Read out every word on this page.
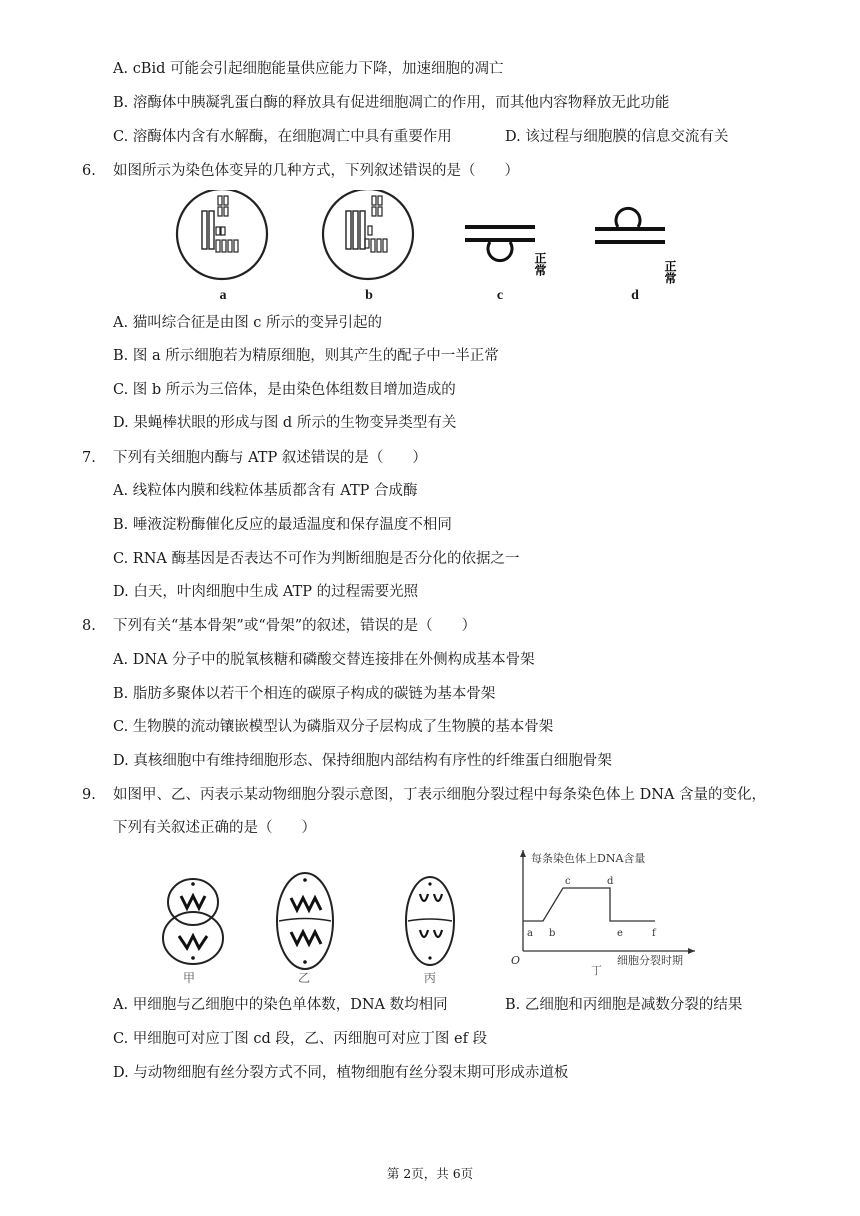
A. cBid 可能会引起细胞能量供应能力下降，加速细胞的凋亡
B. 溶酶体中胰凝乳蛋白酶的释放具有促进细胞凋亡的作用，而其他内容物释放无此功能
C. 溶酶体内含有水解酶，在细胞凋亡中具有重要作用	D. 该过程与细胞膜的信息交流有关
6. 如图所示为染色体变异的几种方式，下列叙述错误的是（　　）
正常	正常
a	b	c	d
A. 猫叫综合征是由图 c 所示的变异引起的
B. 图 a 所示细胞若为精原细胞，则其产生的配子中一半正常
C. 图 b 所示为三倍体，是由染色体组数目增加造成的
D. 果蝇棒状眼的形成与图 d 所示的生物变异类型有关
7. 下列有关细胞内酶与 ATP 叙述错误的是（　　）
A. 线粒体内膜和线粒体基质都含有 ATP 合成酶
B. 唾液淀粉酶催化反应的最适温度和保存温度不相同
C. RNA 酶基因是否表达不可作为判断细胞是否分化的依据之一
D. 白天，叶肉细胞中生成 ATP 的过程需要光照
8. 下列有关“基本骨架”或“骨架”的叙述，错误的是（　　）
A. DNA 分子中的脱氧核糖和磷酸交替连接排在外侧构成基本骨架
B. 脂肪多聚体以若干个相连的碳原子构成的碳链为基本骨架
C. 生物膜的流动镶嵌模型认为磷脂双分子层构成了生物膜的基本骨架
D. 真核细胞中有维持细胞形态、保持细胞内部结构有序性的纤维蛋白细胞骨架
9. 如图甲、乙、丙表示某动物细胞分裂示意图，丁表示细胞分裂过程中每条染色体上 DNA 含量的变化，
下列有关叙述正确的是（　　）
甲	乙	丙
每条染色体上DNA含量
a b
c	d
e	f
O
丁
细胞分裂时期
A. 甲细胞与乙细胞中的染色单体数，DNA 数均相同	B. 乙细胞和丙细胞是减数分裂的结果
C. 甲细胞可对应丁图 cd 段，乙、丙细胞可对应丁图 ef 段
D. 与动物细胞有丝分裂方式不同，植物细胞有丝分裂末期可形成赤道板
第 2页，共 6页
